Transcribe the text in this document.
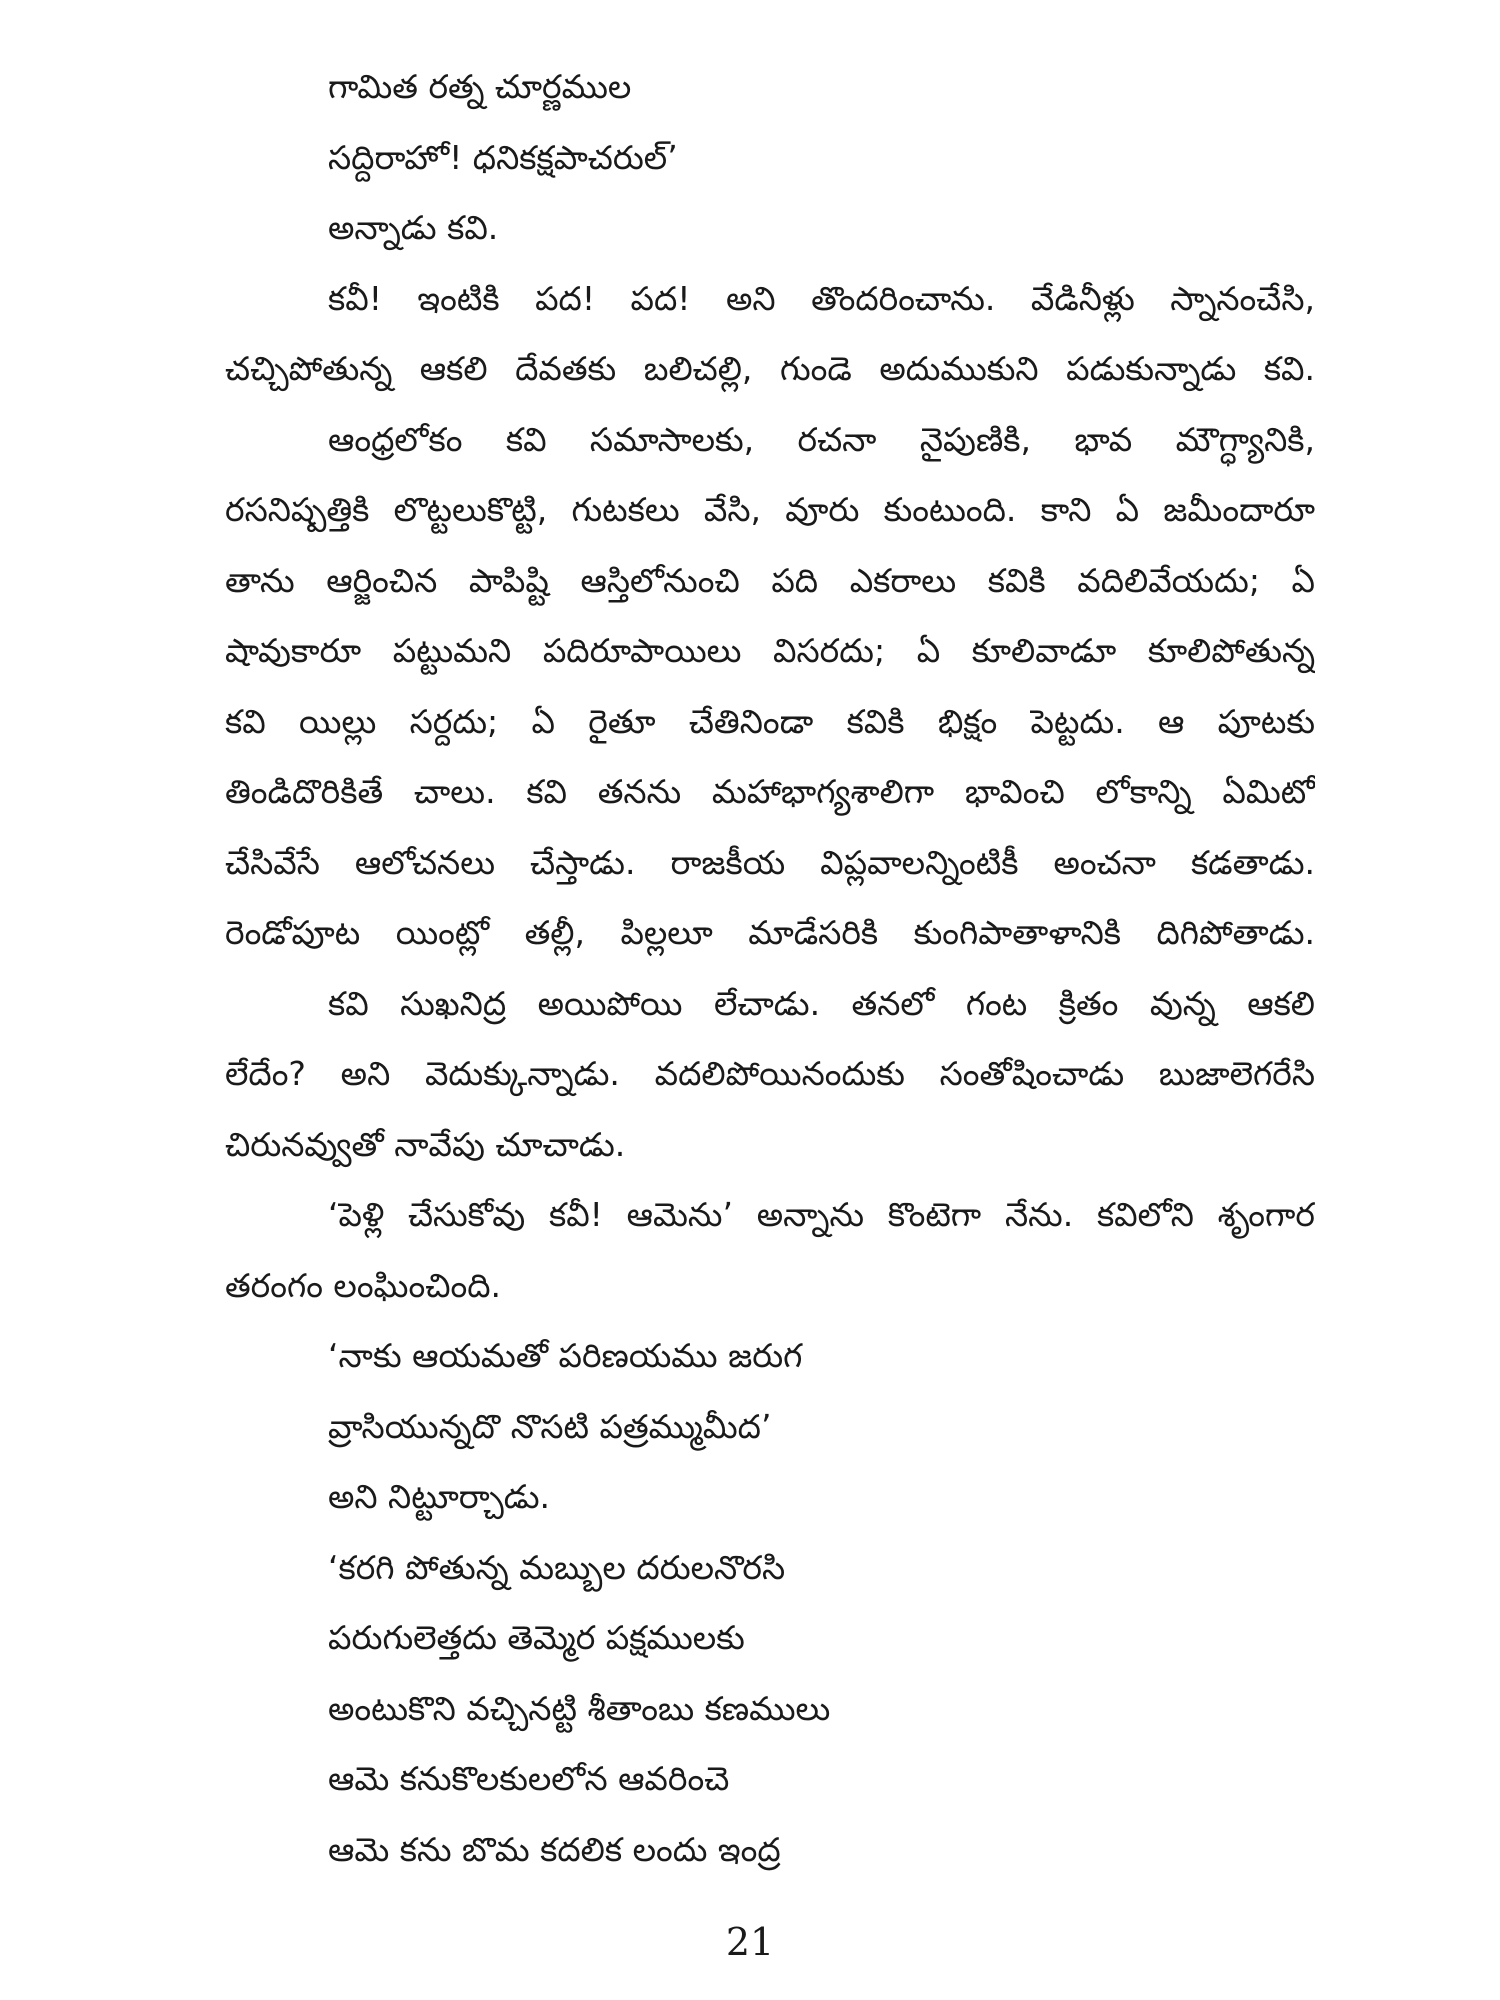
గామిత రత్న చూర్ణముల
సద్దిరాహో! ధనికక్షపాచరుల్’
అన్నాడు కవి.
కవీ! ఇంటికి పద! పద! అని తొందరించాను. వేడినీళ్లు స్నానంచేసి,
చచ్చిపోతున్న ఆకలి దేవతకు బలిచల్లి, గుండె అదుముకుని పడుకున్నాడు కవి.
ఆంధ్రలోకం కవి సమాసాలకు, రచనా నైపుణికి, భావ మౌగ్ధ్యానికి,
రసనిష్పత్తికి లొట్టలుకొట్టి, గుటకలు వేసి, వూరు కుంటుంది. కాని ఏ జమీందారూ
తాను ఆర్జించిన పాపిష్టి ఆస్తిలోనుంచి పది ఎకరాలు కవికి వదిలివేయదు; ఏ
షావుకారూ పట్టుమని పదిరూపాయిలు విసరదు; ఏ కూలివాడూ కూలిపోతున్న
కవి యిల్లు సర్దదు; ఏ రైతూ చేతినిండా కవికి భిక్షం పెట్టదు. ఆ పూటకు
తిండిదొరికితే చాలు. కవి తనను మహాభాగ్యశాలిగా భావించి లోకాన్ని ఏమిటో
చేసివేసే ఆలోచనలు చేస్తాడు. రాజకీయ విప్లవాలన్నింటికీ అంచనా కడతాడు.
రెండోపూట యింట్లో తల్లీ, పిల్లలూ మాడేసరికి కుంగిపాతాళానికి దిగిపోతాడు.
కవి సుఖనిద్ర అయిపోయి లేచాడు. తనలో గంట క్రితం వున్న ఆకలి
లేదేం? అని వెదుక్కున్నాడు. వదలిపోయినందుకు సంతోషించాడు బుజాలెగరేసి
చిరునవ్వుతో నావేపు చూచాడు.
‘పెళ్లి చేసుకోవు కవీ! ఆమెను’ అన్నాను కొంటెగా నేను. కవిలోని శృంగార
తరంగం లంఘించింది.
‘నాకు ఆయమతో పరిణయము జరుగ
వ్రాసియున్నదొ నొసటి పత్రమ్ముమీద’
అని నిట్టూర్చాడు.
‘కరగి పోతున్న మబ్బుల దరులనొరసి
పరుగులెత్తదు తెమ్మెర పక్షములకు
అంటుకొని వచ్చినట్టి శీతాంబు కణములు
ఆమె కనుకొలకులలోన ఆవరించె
ఆమె కను బొమ కదలిక లందు ఇంద్ర
21
